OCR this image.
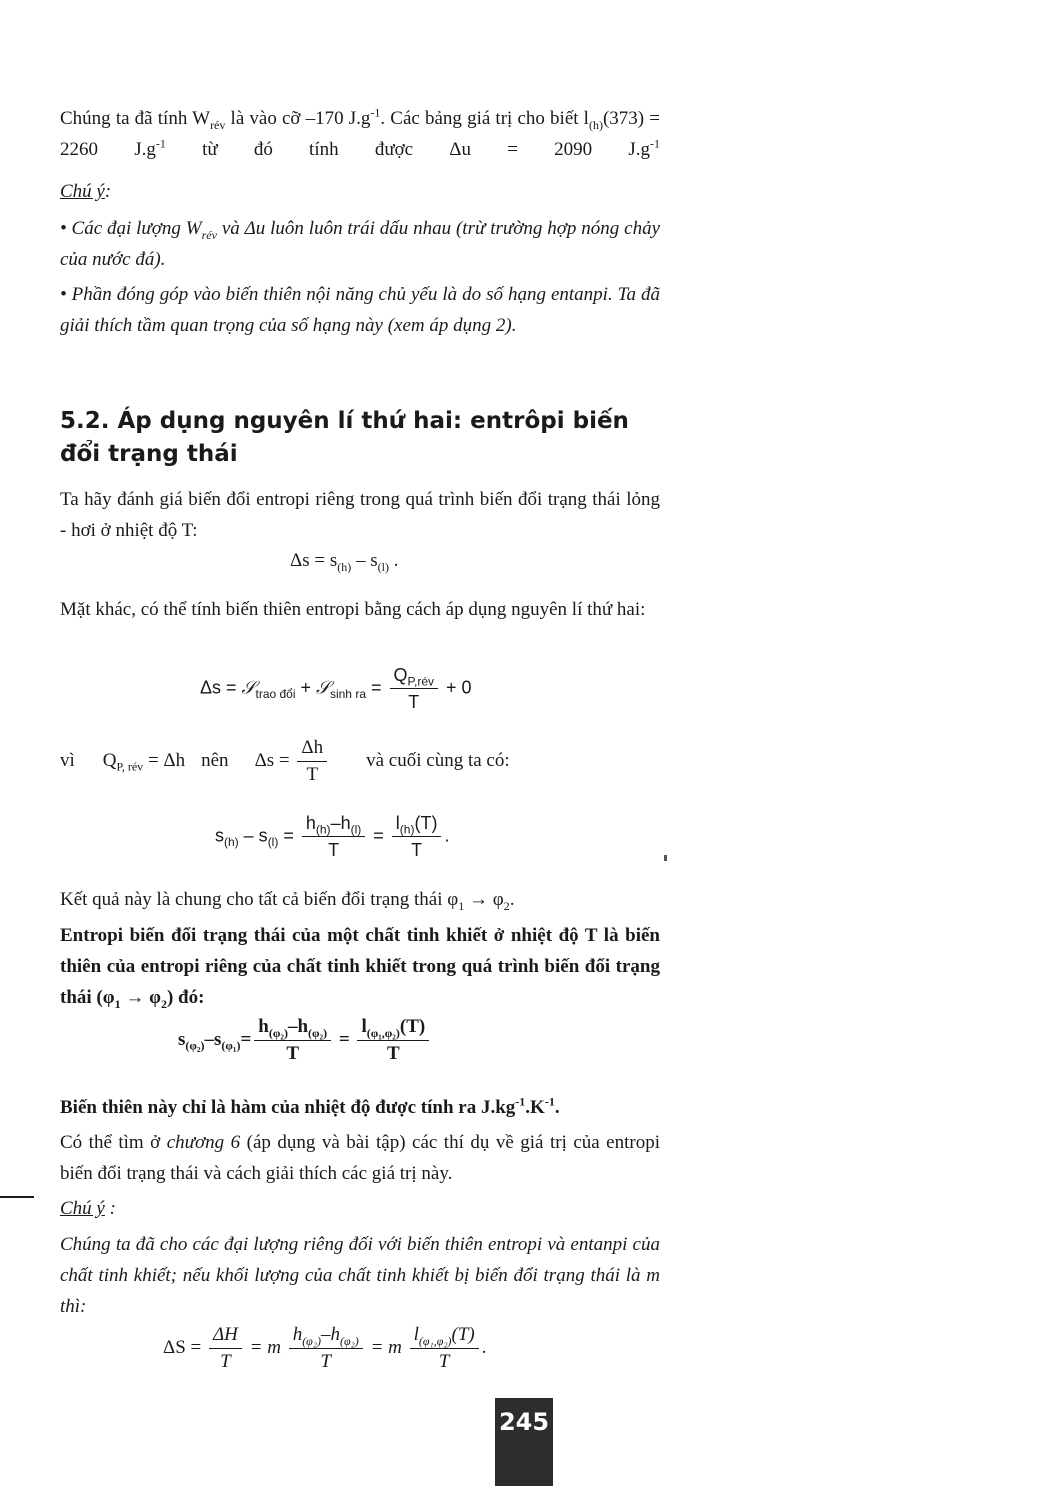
Chúng ta đã tính $W_{rév}$ là vào cỡ –170 $J.g^{-1}$. Các bảng giá trị cho biết $l_{(h)}(373) = 2260$ $J.g^{-1}$ từ đó tính được Δu = 2090 $J.g^{-1}$
Chú ý:
• Các đại lượng $W_{rév}$ và Δu luôn luôn trái dấu nhau (trừ trường hợp nóng chảy của nước đá).
• Phần đóng góp vào biến thiên nội năng chủ yếu là do số hạng entanpi. Ta đã giải thích tầm quan trọng của số hạng này (xem áp dụng 2).
5.2. Áp dụng nguyên lí thứ hai: entrôpi biến đổi trạng thái
Ta hãy đánh giá biến đổi entropi riêng trong quá trình biến đổi trạng thái lỏng - hơi ở nhiệt độ T:
$\Delta s = s_{(h)} - s_{(l)}$ .
Mặt khác, có thể tính biến thiên entropi bằng cách áp dụng nguyên lí thứ hai:
Δs = 𝒮$_{trao đổi}$ + 𝒮$_{sinh ra}$ = $\frac{Q_{P,rév}}{T} + 0$
vì $Q_{P, rév} = \Delta h$ nên $\Delta s = \frac{\Delta h}{T}$ và cuối cùng ta có:
$s_{(h)} - s_{(l)} = \frac{h_{(h)}-h_{(l)}}{T} = \frac{l_{(h)}(T)}{T}$ .
Kết quả này là chung cho tất cả biến đổi trạng thái $\varphi_1 \to \varphi_2$.
Entropi biến đổi trạng thái của một chất tinh khiết ở nhiệt độ T là biến thiên của entropi riêng của chất tinh khiết trong quá trình biến đổi trạng thái $(\varphi_1 \to \varphi_2)$ đó:
$s_{(\varphi_2)}-s_{(\varphi_1)}= \frac{h_{(\varphi_2)}-h_{(\varphi_2)}}{T} = \frac{l_{(\varphi_1,\varphi_2)}(T)}{T}$
Biến thiên này chỉ là hàm của nhiệt độ được tính ra $J.kg^{-1}.K^{-1}$.
Có thể tìm ở chương 6 (áp dụng và bài tập) các thí dụ về giá trị của entropi biến đổi trạng thái và cách giải thích các giá trị này.
Chú ý :
Chúng ta đã cho các đại lượng riêng đối với biến thiên entropi và entanpi của chất tinh khiết; nếu khối lượng của chất tinh khiết bị biến đổi trạng thái là m thì:
$\Delta S = \frac{\Delta H}{T} = m \frac{h_{(\varphi_2)}-h_{(\varphi_2)}}{T} = m \frac{l_{(\varphi_1,\varphi_2)}(T)}{T}$ .
245
